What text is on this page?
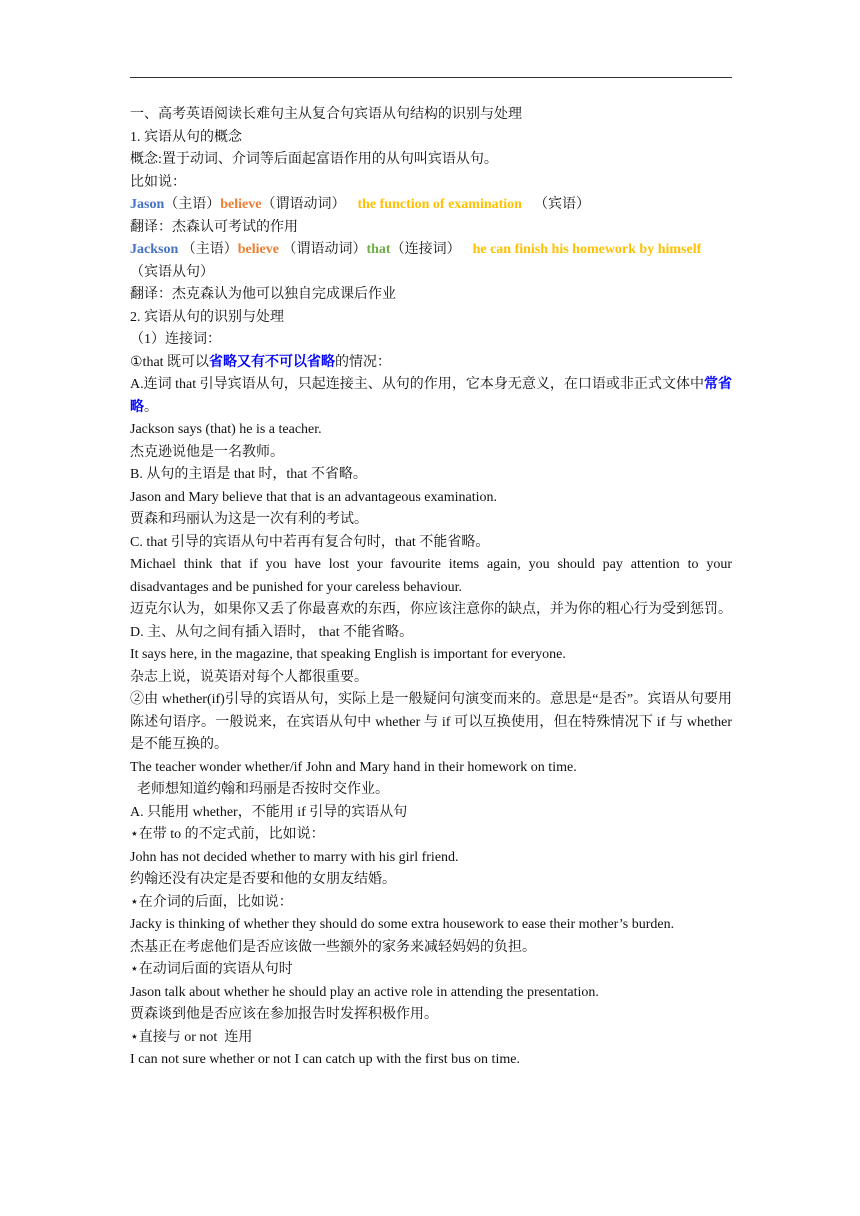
一、高考英语阅读长难句主从复合句宾语从句结构的识别与处理
1. 宾语从句的概念
概念:置于动词、介词等后面起富语作用的从句叫宾语从句。
比如说：
Jason（主语）believe（谓语动词） the function of examination （宾语）
翻译：杰森认可考试的作用
Jackson （主语）believe （谓语动词）that（连接词） he can finish his homework by himself
（宾语从句）
翻译：杰克森认为他可以独自完成课后作业
2. 宾语从句的识别与处理
（1）连接词：
①that 既可以省略又有不可以省略的情况：
A.连词 that 引导宾语从句，只起连接主、从句的作用，它本身无意义，在口语或非正式文体中常省略。
Jackson says (that) he is a teacher.
杰克逊说他是一名教师。
B. 从句的主语是 that 时，that 不省略。
Jason and Mary believe that that is an advantageous examination.
贾森和玛丽认为这是一次有利的考试。
C. that 引导的宾语从句中若再有复合句时，that 不能省略。
Michael think that if you have lost your favourite items again, you should pay attention to your disadvantages and be punished for your careless behaviour.
迈克尔认为，如果你又丢了你最喜欢的东西，你应该注意你的缺点，并为你的粗心行为受到惩罚。
D. 主、从句之间有插入语时， that 不能省略。
It says here, in the magazine, that speaking English is important for everyone.
杂志上说，说英语对每个人都很重要。
②由 whether(if)引导的宾语从句，实际上是一般疑问句演变而来的。意思是“是否”。宾语从句要用陈述句语序。一般说来，在宾语从句中 whether 与 if 可以互换使用，但在特殊情况下 if 与 whether 是不能互换的。
The teacher wonder whether/if John and Mary hand in their homework on time.
老师想知道约翰和玛丽是否按时交作业。
A. 只能用 whether，不能用 if 引导的宾语从句
⋆在带 to 的不定式前，比如说：
John has not decided whether to marry with his girl friend.
约翰还没有决定是否要和他的女朋友结婚。
⋆在介词的后面，比如说：
Jacky is thinking of whether they should do some extra housework to ease their mother’s burden.
杰基正在考虑他们是否应该做一些额外的家务来减轻妈妈的负担。
⋆在动词后面的宾语从句时
Jason talk about whether he should play an active role in attending the presentation.
贾森谈到他是否应该在参加报告时发挥积极作用。
⋆直接与 or not  连用
I can not sure whether or not I can catch up with the first bus on time.
